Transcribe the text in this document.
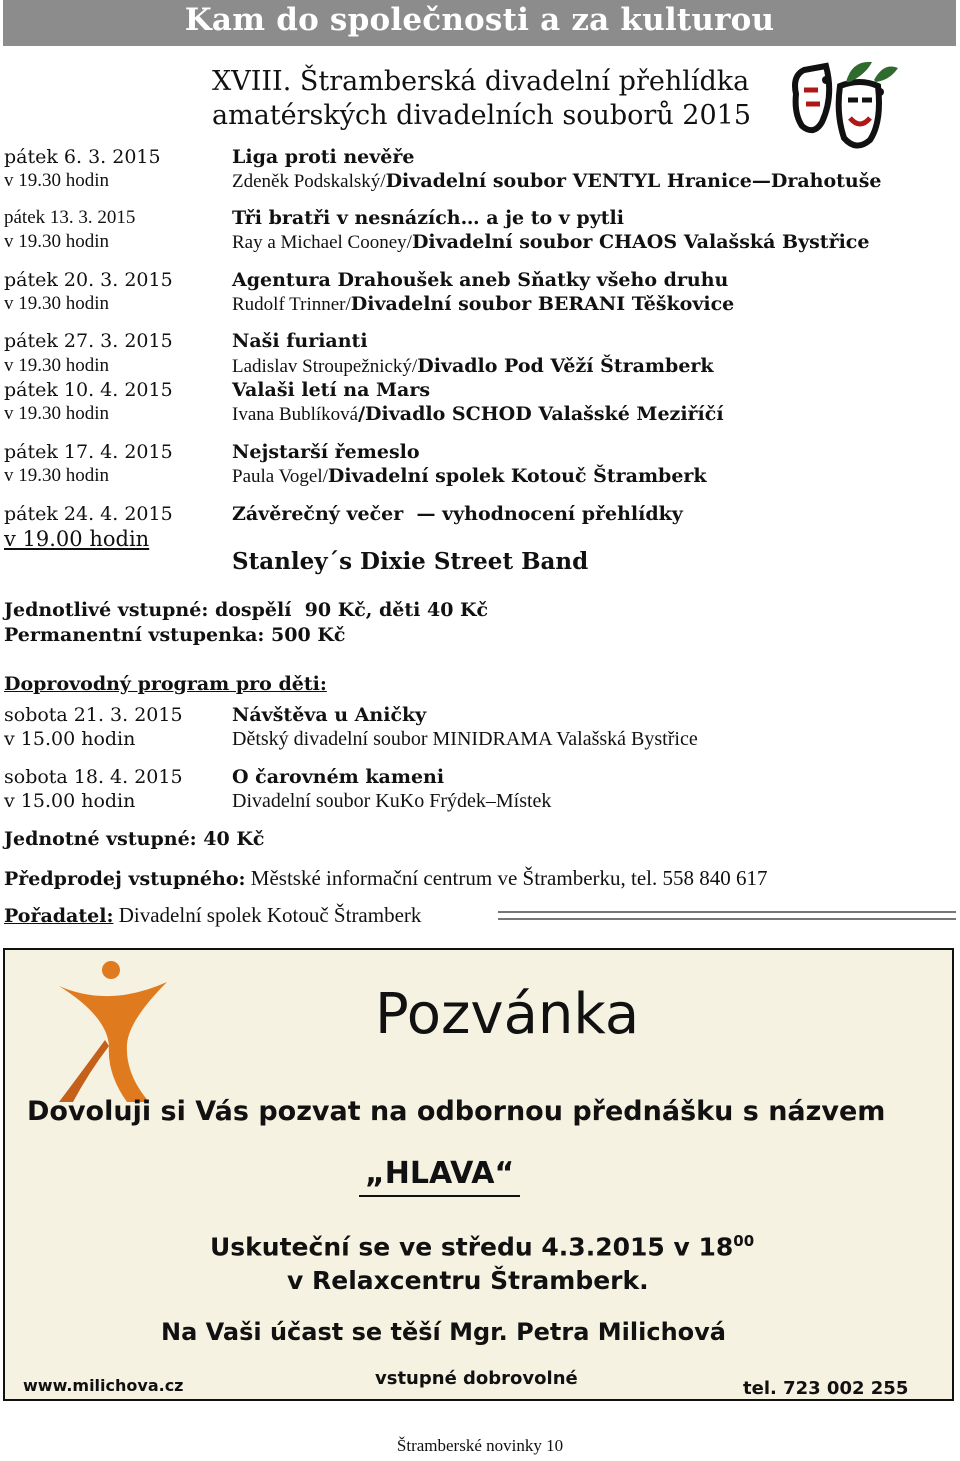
Kam do společnosti a za kulturou
XVIII. Štramberská divadelní přehlídka
amatérských divadelních souborů 2015
pátek 6. 3. 2015
v 19.30 hodin
Liga proti nevěře
Zdeněk Podskalský/Divadelní soubor VENTYL Hranice—Drahotuše
pátek 13. 3. 2015
v 19.30 hodin
Tři bratři v nesnázích… a je to v pytli
Ray a Michael Cooney/Divadelní soubor CHAOS Valašská Bystřice
pátek 20. 3. 2015
v 19.30 hodin
Agentura Drahoušek aneb Sňatky všeho druhu
Rudolf Trinner/Divadelní soubor BERANI Těškovice
pátek 27. 3. 2015
v 19.30 hodin
Naši furianti
Ladislav Stroupežnický/Divadlo Pod Věží Štramberk
pátek 10. 4. 2015
v 19.30 hodin
Valaši letí na Mars
Ivana Bublíková/Divadlo SCHOD Valašské Meziříčí
pátek 17. 4. 2015
v 19.30 hodin
Nejstarší řemeslo
Paula Vogel/Divadelní spolek Kotouč Štramberk
pátek 24. 4. 2015
v 19.00 hodin
Závěrečný večer  — vyhodnocení přehlídky
Stanley´s Dixie Street Band
Jednotlivé vstupné: dospělí  90 Kč, děti 40 Kč
Permanentní vstupenka: 500 Kč
Doprovodný program pro děti:
sobota 21. 3. 2015
v 15.00 hodin
Návštěva u Aničky
Dětský divadelní soubor MINIDRAMA Valašská Bystřice
sobota 18. 4. 2015
v 15.00 hodin
O čarovném kameni
Divadelní soubor KuKo Frýdek–Místek
Jednotné vstupné: 40 Kč
Předprodej vstupného: Městské informační centrum ve Štramberku, tel. 558 840 617
Pořadatel: Divadelní spolek Kotouč Štramberk
Pozvánka
Dovoluji si Vás pozvat na odbornou přednášku s názvem
„HLAVA“
Uskuteční se ve středu 4.3.2015 v $18^{00}$
v Relaxcentru Štramberk.
Na Vaši účast se těší Mgr. Petra Milichová
www.milichova.cz	vstupné dobrovolné	tel. 723 002 255
Štramberské novinky 10
